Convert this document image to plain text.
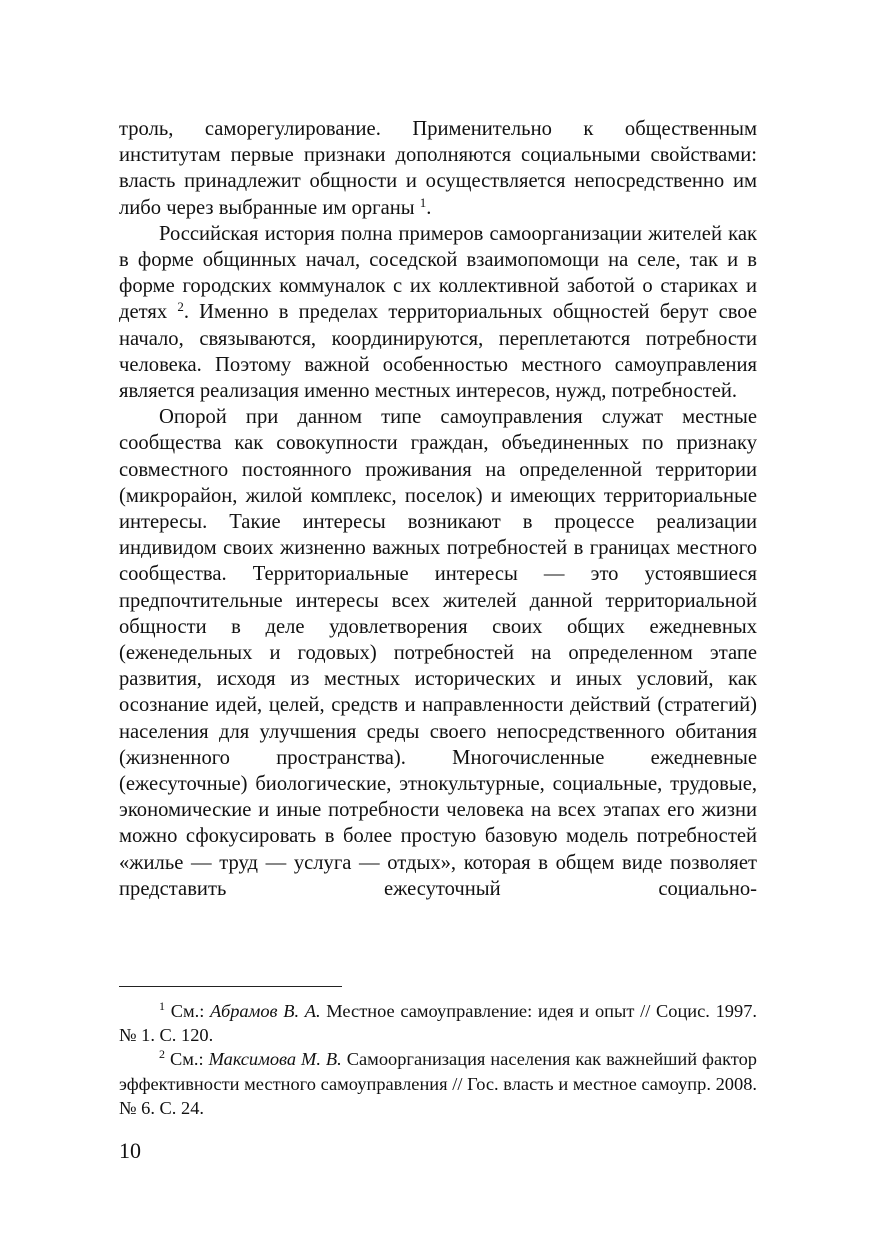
троль, саморегулирование. Применительно к общественным институтам первые признаки дополняются социальными свойствами: власть принадлежит общности и осуществляется непосредственно им либо через выбранные им органы $^1$.

Российская история полна примеров самоорганизации жителей как в форме общинных начал, соседской взаимопомощи на селе, так и в форме городских коммуналок с их коллективной заботой о стариках и детях $^2$. Именно в пределах территориальных общностей берут свое начало, связываются, координируются, переплетаются потребности человека. Поэтому важной особенностью местного самоуправления является реализация именно местных интересов, нужд, потребностей.

Опорой при данном типе самоуправления служат местные сообщества как совокупности граждан, объединенных по признаку совместного постоянного проживания на определенной территории (микрорайон, жилой комплекс, поселок) и имеющих территориальные интересы. Такие интересы возникают в процессе реализации индивидом своих жизненно важных потребностей в границах местного сообщества. Территориальные интересы — это устоявшиеся предпочтительные интересы всех жителей данной территориальной общности в деле удовлетворения своих общих ежедневных (еженедельных и годовых) потребностей на определенном этапе развития, исходя из местных исторических и иных условий, как осознание идей, целей, средств и направленности действий (стратегий) населения для улучшения среды своего непосредственного обитания (жизненного пространства). Многочисленные ежедневные (ежесуточные) биологические, этнокультурные, социальные, трудовые, экономические и иные потребности человека на всех этапах его жизни можно сфокусировать в более простую базовую модель потребностей «жилье — труд — услуга — отдых», которая в общем виде позволяет представить ежесуточный социально-

$^1$ См.: Абрамов В. А. Местное самоуправление: идея и опыт // Социс. 1997. № 1. С. 120.

$^2$ См.: Максимова М. В. Самоорганизация населения как важнейший фактор эффективности местного самоуправления // Гос. власть и местное самоупр. 2008. № 6. С. 24.

10
